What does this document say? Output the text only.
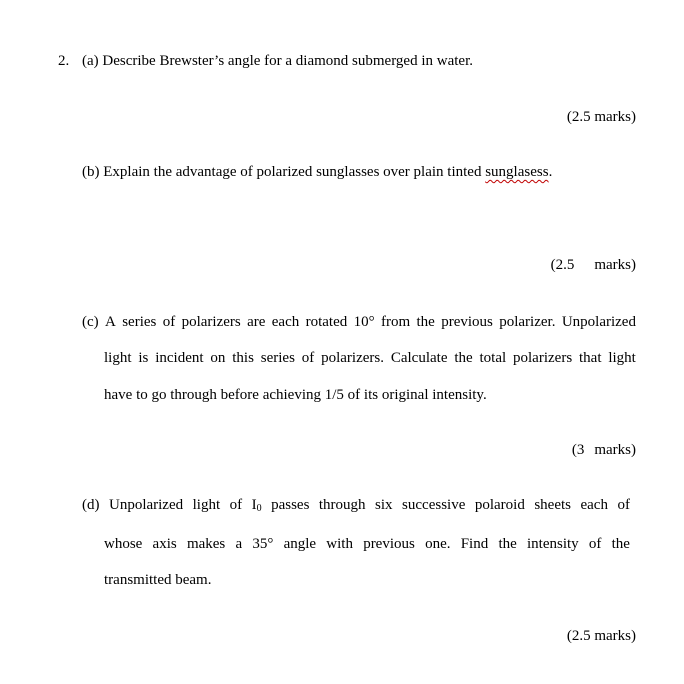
2. (a) Describe Brewster’s angle for a diamond submerged in water.
(2.5 marks)
(b) Explain the advantage of polarized sunglasses over plain tinted sunglasess.
(2.5 marks)
(c) A series of polarizers are each rotated 10° from the previous polarizer. Unpolarized
light is incident on this series of polarizers. Calculate the total polarizers that light
have to go through before achieving 1/5 of its original intensity.
(3 marks)
(d) Unpolarized light of $I_0$ passes through six successive polaroid sheets each of
whose axis makes a 35° angle with previous one. Find the intensity of the
transmitted beam.
(2.5 marks)
